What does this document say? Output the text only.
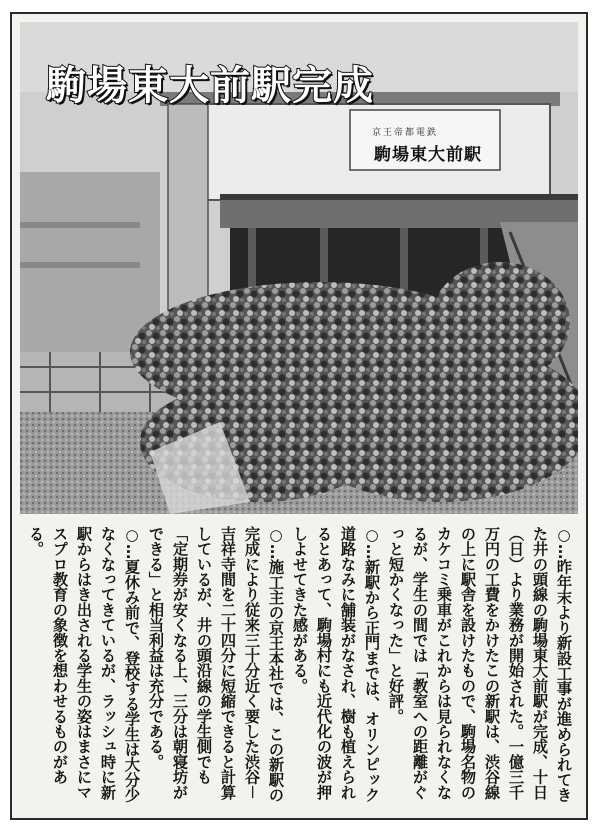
駒場東大前駅完成
京王帝都電鉄
駒場東大前駅

○…昨年末より新設工事が進められてきた井の頭線の駒場東大前駅が完成、十日（日）より業務が開始された。一億三千万円の工費をかけたこの新駅は、渋谷線の上に駅舎を設けたもので、駒場名物のカケコミ乗車がこれからは見られなくなるが、学生の間では「教室への距離がぐっと短かくなった」と好評。

○…新駅から正門までは、オリンピック道路なみに舗装がなされ、樹も植えられるとあって、駒場村にも近代化の波が押しよせてきた感がある。

○…施工主の京王本社では、この新駅の完成により従来三十分近く要した渋谷－吉祥寺間を二十四分に短縮できると計算しているが、井の頭沿線の学生側でも「定期券が安くなる上、三分は朝寝坊ができる」と相当利益は充分である。

○…夏休み前で、登校する学生は大分少なくなってきているが、ラッシュ時に新駅からはき出される学生の姿はまさにマスプロ教育の象徴を想わせるものがある。
